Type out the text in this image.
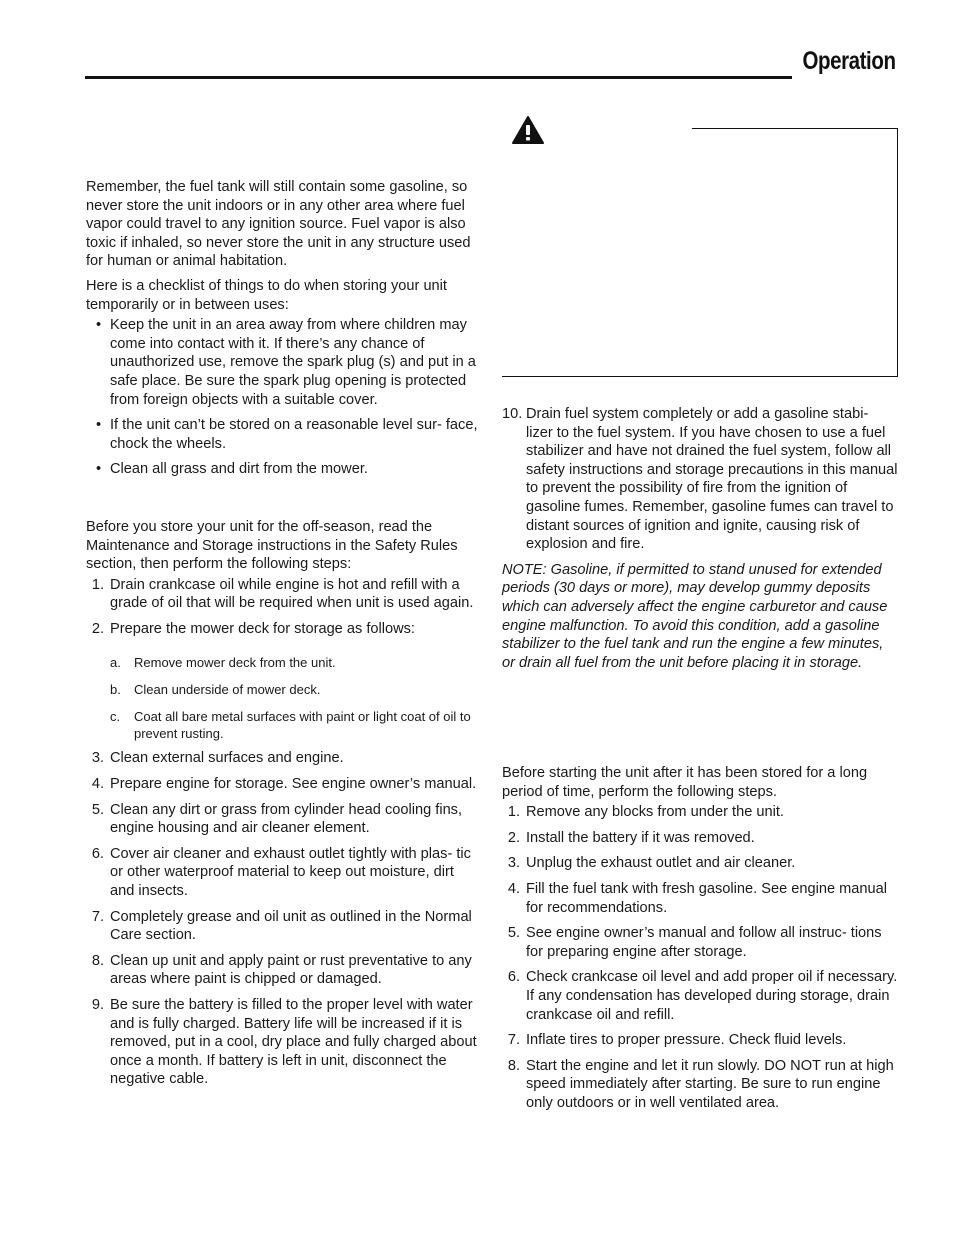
Operation

Remember, the fuel tank will still contain some gasoline, so never store the unit indoors or in any other area where fuel vapor could travel to any ignition source. Fuel vapor is also toxic if inhaled, so never store the unit in any structure used for human or animal habitation.

Here is a checklist of things to do when storing your unit temporarily or in between uses:

• Keep the unit in an area away from where children may come into contact with it. If there’s any chance of unauthorized use, remove the spark plug (s) and put in a safe place. Be sure the spark plug opening is protected from foreign objects with a suitable cover.
• If the unit can’t be stored on a reasonable level sur- face, chock the wheels.
• Clean all grass and dirt from the mower.

Before you store your unit for the off-season, read the Maintenance and Storage instructions in the Safety Rules section, then perform the following steps:

1. Drain crankcase oil while engine is hot and refill with a grade of oil that will be required when unit is used again.
2. Prepare the mower deck for storage as follows:
a. Remove mower deck from the unit.
b. Clean underside of mower deck.
c. Coat all bare metal surfaces with paint or light coat of oil to prevent rusting.
3. Clean external surfaces and engine.
4. Prepare engine for storage. See engine owner’s manual.
5. Clean any dirt or grass from cylinder head cooling fins, engine housing and air cleaner element.
6. Cover air cleaner and exhaust outlet tightly with plas- tic or other waterproof material to keep out moisture, dirt and insects.
7. Completely grease and oil unit as outlined in the Normal Care section.
8. Clean up unit and apply paint or rust preventative to any areas where paint is chipped or damaged.
9. Be sure the battery is filled to the proper level with water and is fully charged. Battery life will be increased if it is removed, put in a cool, dry place and fully charged about once a month. If battery is left in unit, disconnect the negative cable.
10. Drain fuel system completely or add a gasoline stabi- lizer to the fuel system. If you have chosen to use a fuel stabilizer and have not drained the fuel system, follow all safety instructions and storage precautions in this manual to prevent the possibility of fire from the ignition of gasoline fumes. Remember, gasoline fumes can travel to distant sources of ignition and ignite, causing risk of explosion and fire.

NOTE: Gasoline, if permitted to stand unused for extended periods (30 days or more), may develop gummy deposits which can adversely affect the engine carburetor and cause engine malfunction. To avoid this condition, add a gasoline stabilizer to the fuel tank and run the engine a few minutes, or drain all fuel from the unit before placing it in storage.

Before starting the unit after it has been stored for a long period of time, perform the following steps.

1. Remove any blocks from under the unit.
2. Install the battery if it was removed.
3. Unplug the exhaust outlet and air cleaner.
4. Fill the fuel tank with fresh gasoline. See engine manual for recommendations.
5. See engine owner’s manual and follow all instruc- tions for preparing engine after storage.
6. Check crankcase oil level and add proper oil if necessary. If any condensation has developed during storage, drain crankcase oil and refill.
7. Inflate tires to proper pressure. Check fluid levels.
8. Start the engine and let it run slowly. DO NOT run at high speed immediately after starting. Be sure to run engine only outdoors or in well ventilated area.
